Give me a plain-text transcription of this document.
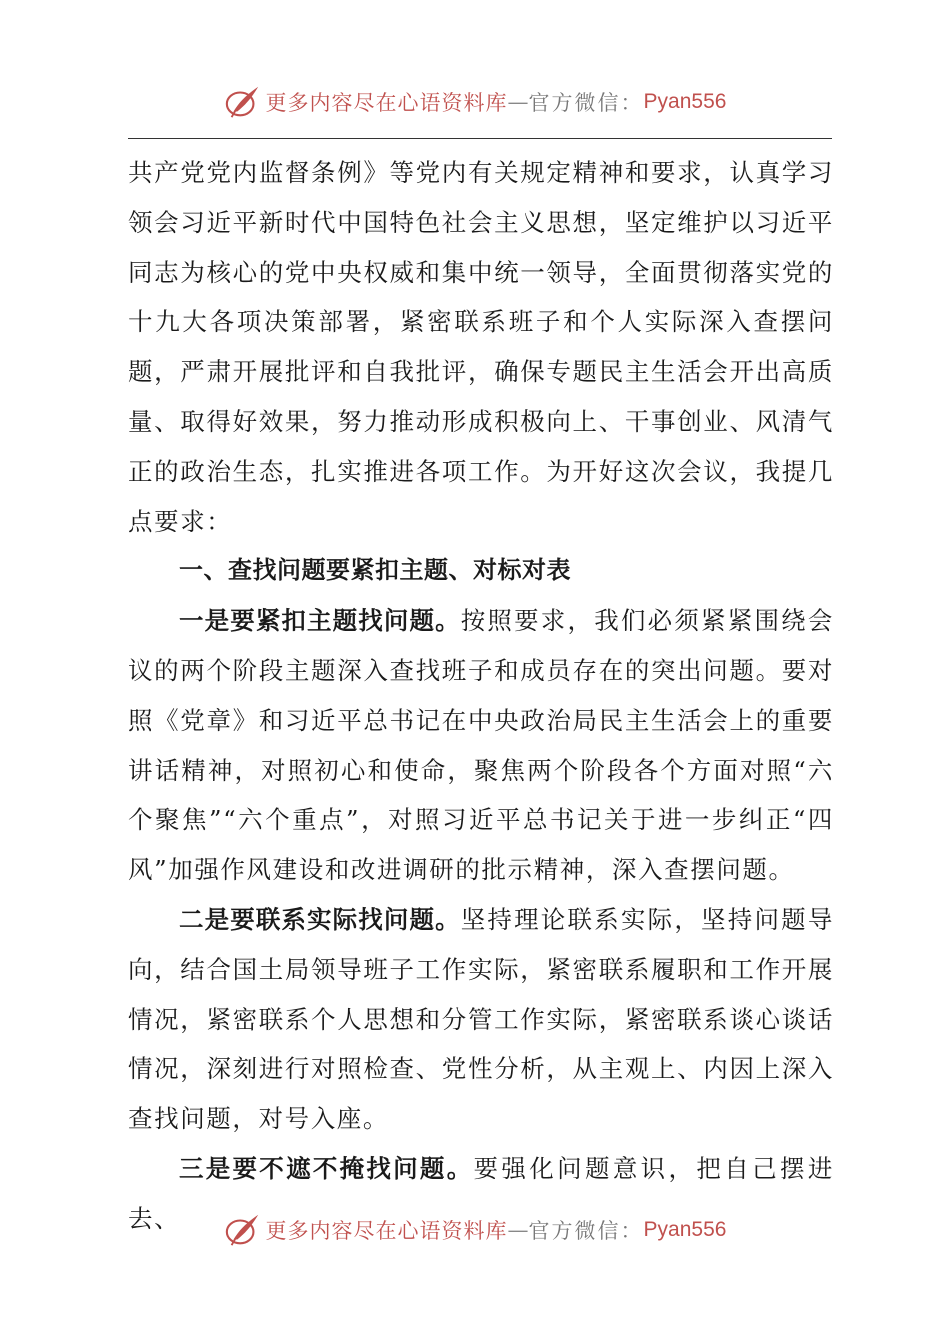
更多内容尽在心语资料库 — 官方微信： Pyan556

共产党党内监督条例》等党内有关规定精神和要求，认真学习领会习近平新时代中国特色社会主义思想，坚定维护以习近平同志为核心的党中央权威和集中统一领导，全面贯彻落实党的十九大各项决策部署，紧密联系班子和个人实际深入查摆问题，严肃开展批评和自我批评，确保专题民主生活会开出高质量、取得好效果，努力推动形成积极向上、干事创业、风清气正的政治生态，扎实推进各项工作。为开好这次会议，我提几点要求：

一、查找问题要紧扣主题、对标对表

一是要紧扣主题找问题。按照要求，我们必须紧紧围绕会议的两个阶段主题深入查找班子和成员存在的突出问题。要对照《党章》和习近平总书记在中央政治局民主生活会上的重要讲话精神，对照初心和使命，聚焦两个阶段各个方面对照“六个聚焦”“六个重点”，对照习近平总书记关于进一步纠正“四风”加强作风建设和改进调研的批示精神，深入查摆问题。

二是要联系实际找问题。坚持理论联系实际，坚持问题导向，结合国土局领导班子工作实际，紧密联系履职和工作开展情况，紧密联系个人思想和分管工作实际，紧密联系谈心谈话情况，深刻进行对照检查、党性分析，从主观上、内因上深入查找问题，对号入座。

三是要不遮不掩找问题。要强化问题意识，把自己摆进去、	更多内容尽在心语资料库 — 官方微信： Pyan556
